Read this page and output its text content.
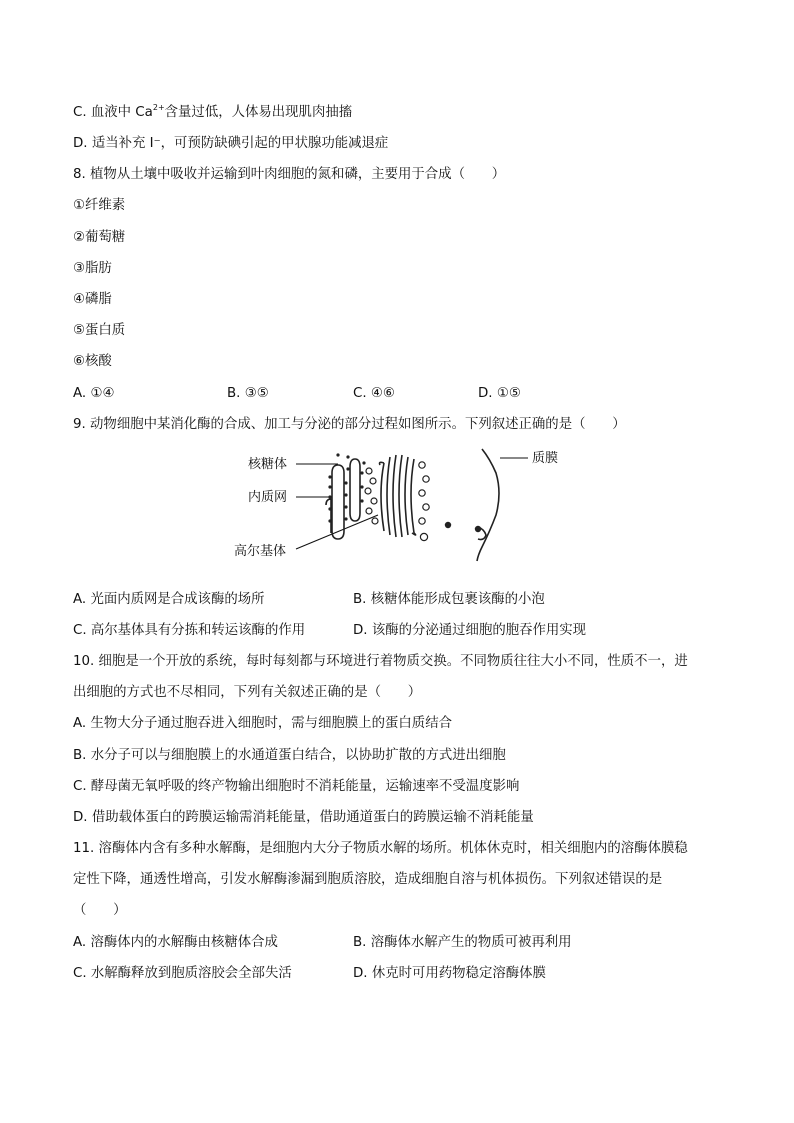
C. 血液中 $Ca^{2+}$含量过低，人体易出现肌肉抽搐
D. 适当补充 I⁻，可预防缺碘引起的甲状腺功能减退症
8. 植物从土壤中吸收并运输到叶肉细胞的氮和磷，主要用于合成（　　）
①纤维素
②葡萄糖
③脂肪
④磷脂
⑤蛋白质
⑥核酸
A. ①④	B. ③⑤	C. ④⑥	D. ①⑤
9. 动物细胞中某消化酶的合成、加工与分泌的部分过程如图所示。下列叙述正确的是（　　）
核糖体
内质网
高尔基体
质膜
A. 光面内质网是合成该酶的场所	B. 核糖体能形成包裹该酶的小泡
C. 高尔基体具有分拣和转运该酶的作用	D. 该酶的分泌通过细胞的胞吞作用实现
10. 细胞是一个开放的系统，每时每刻都与环境进行着物质交换。不同物质往往大小不同，性质不一，进
出细胞的方式也不尽相同，下列有关叙述正确的是（　　）
A. 生物大分子通过胞吞进入细胞时，需与细胞膜上的蛋白质结合
B. 水分子可以与细胞膜上的水通道蛋白结合，以协助扩散的方式进出细胞
C. 酵母菌无氧呼吸的终产物输出细胞时不消耗能量，运输速率不受温度影响
D. 借助载体蛋白的跨膜运输需消耗能量，借助通道蛋白的跨膜运输不消耗能量
11. 溶酶体内含有多种水解酶，是细胞内大分子物质水解的场所。机体休克时，相关细胞内的溶酶体膜稳
定性下降，通透性增高，引发水解酶渗漏到胞质溶胶，造成细胞自溶与机体损伤。下列叙述错误的是
（　　）
A. 溶酶体内的水解酶由核糖体合成	B. 溶酶体水解产生的物质可被再利用
C. 水解酶释放到胞质溶胶会全部失活	D. 休克时可用药物稳定溶酶体膜
